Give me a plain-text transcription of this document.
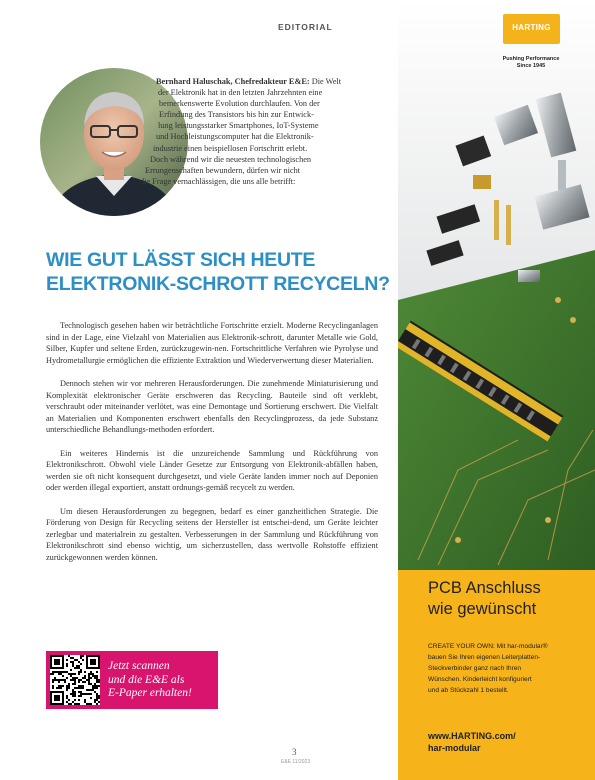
EDITORIAL
Bernhard Haluschak, Chefredakteur E&E: Die Welt
der Elektronik hat in den letzten Jahrzehnten eine
bemerkenswerte Evolution durchlaufen. Von der
Erfindung des Transistors bis hin zur Entwick-
lung leistungsstarker Smartphones, IoT-Systeme
und Hochleistungscomputer hat die Elektronik-
industrie einen beispiellosen Fortschritt erlebt.
Doch während wir die neuesten technologischen
Errungenschaften bewundern, dürfen wir nicht
die Frage vernachlässigen, die uns alle betrifft:
WIE GUT LÄSST SICH HEUTE
ELEKTRONIK-SCHROTT RECYCELN?

Technologisch gesehen haben wir beträchtliche Fortschritte erzielt. Moderne Recyclinganlagen sind in der Lage, eine Vielzahl von Materialien aus Elektronik-schrott, darunter Metalle wie Gold, Silber, Kupfer und seltene Erden, zurückzugewin-nen. Fortschrittliche Verfahren wie Pyrolyse und Hydrometallurgie ermöglichen die effiziente Extraktion und Wiederverwertung dieser Materialien.

Dennoch stehen wir vor mehreren Herausforderungen. Die zunehmende Miniaturisierung und Komplexität elektronischer Geräte erschweren das Recycling. Bauteile sind oft verklebt, verschraubt oder miteinander verlötet, was eine Demontage und Sortierung erschwert. Die Vielfalt an Materialien und Komponenten erschwert ebenfalls den Recyclingprozess, da jede Substanz unterschiedliche Behandlungs-methoden erfordert.

Ein weiteres Hindernis ist die unzureichende Sammlung und Rückführung von Elektronikschrott. Obwohl viele Länder Gesetze zur Entsorgung von Elektronik-abfällen haben, werden sie oft nicht konsequent durchgesetzt, und viele Geräte landen immer noch auf Deponien oder werden illegal exportiert, anstatt ordnungs-gemäß recycelt zu werden.

Um diesen Herausforderungen zu begegnen, bedarf es einer ganzheitlichen Strategie. Die Förderung von Design für Recycling seitens der Hersteller ist entschei-dend, um Geräte leichter zerlegbar und materialrein zu gestalten. Verbesserungen in der Sammlung und Rückführung von Elektronikschrott sind ebenso wichtig, um sicherzustellen, dass wertvolle Rohstoffe effizient zurückgewonnen werden können.

Jetzt scannen
und die E&E als
E-Paper erhalten!
3
E&E 11/2023
HARTING
Pushing Performance
Since 1945
PCB Anschluss
wie gewünscht
CREATE YOUR OWN: Mit har-modular®
bauen Sie Ihren eigenen Leiterplatten-
Steckverbinder ganz nach Ihren
Wünschen. Kinderleicht konfiguriert
und ab Stückzahl 1 bestellt.
www.HARTING.com/
har-modular
